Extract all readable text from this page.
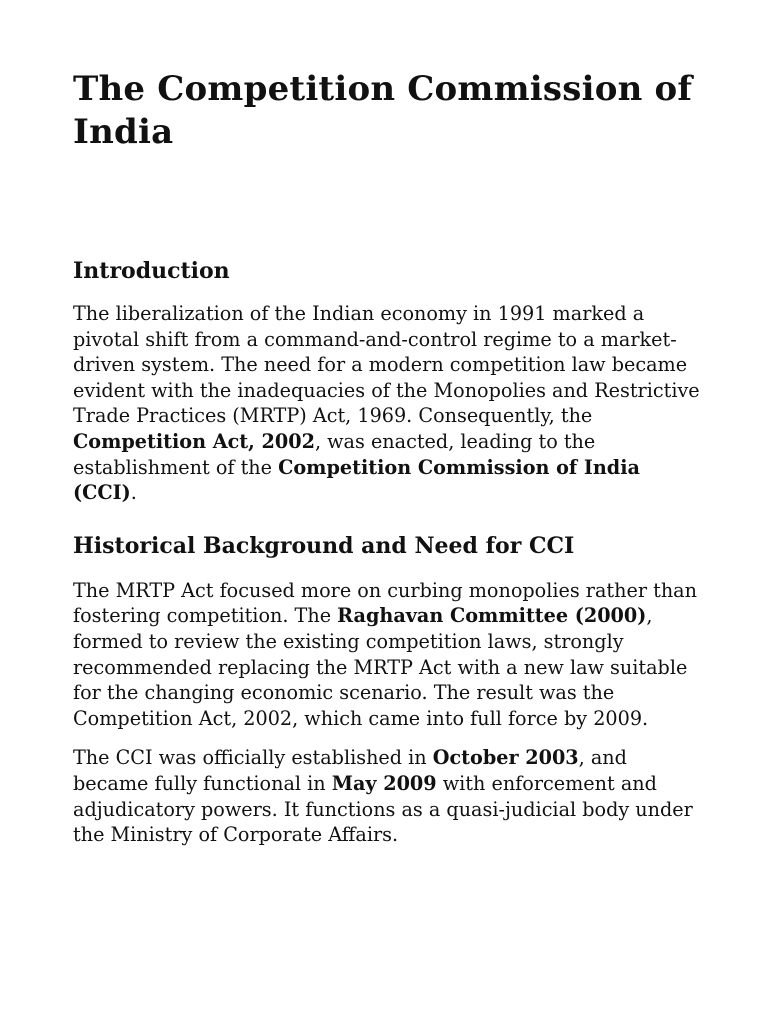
The Competition Commission of India
Introduction

The liberalization of the Indian economy in 1991 marked a pivotal shift from a command-and-control regime to a market-driven system. The need for a modern competition law became evident with the inadequacies of the Monopolies and Restrictive Trade Practices (MRTP) Act, 1969. Consequently, the Competition Act, 2002, was enacted, leading to the establishment of the Competition Commission of India (CCI).

Historical Background and Need for CCI

The MRTP Act focused more on curbing monopolies rather than fostering competition. The Raghavan Committee (2000), formed to review the existing competition laws, strongly recommended replacing the MRTP Act with a new law suitable for the changing economic scenario. The result was the Competition Act, 2002, which came into full force by 2009.

The CCI was officially established in October 2003, and became fully functional in May 2009 with enforcement and adjudicatory powers. It functions as a quasi-judicial body under the Ministry of Corporate Affairs.
